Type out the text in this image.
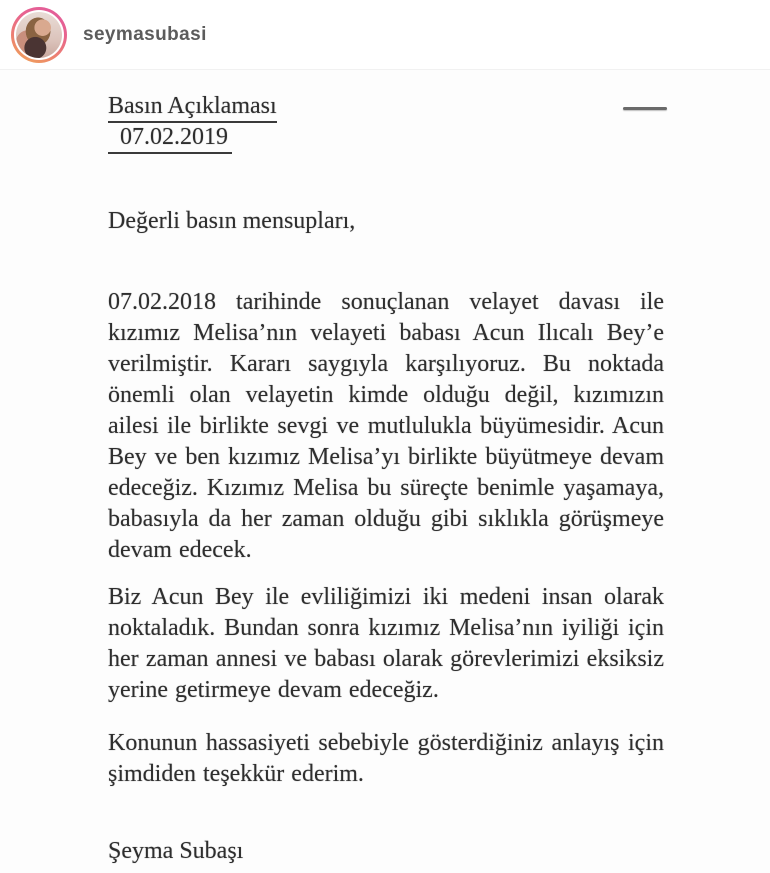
seymasubasi
Basın Açıklaması
07.02.2019

Değerli basın mensupları,

07.02.2018 tarihinde sonuçlanan velayet davası ile kızımız Melisa’nın velayeti babası Acun Ilıcalı Bey’e verilmiştir. Kararı saygıyla karşılıyoruz. Bu noktada önemli olan velayetin kimde olduğu değil, kızımızın ailesi ile birlikte sevgi ve mutlulukla büyümesidir. Acun Bey ve ben kızımız Melisa’yı birlikte büyütmeye devam edeceğiz. Kızımız Melisa bu süreçte benimle yaşamaya, babasıyla da her zaman olduğu gibi sıklıkla görüşmeye devam edecek.

Biz Acun Bey ile evliliğimizi iki medeni insan olarak noktaladık. Bundan sonra kızımız Melisa’nın iyiliği için her zaman annesi ve babası olarak görevlerimizi eksiksiz yerine getirmeye devam edeceğiz.

Konunun hassasiyeti sebebiyle gösterdiğiniz anlayış için şimdiden teşekkür ederim.

Şeyma Subaşı
